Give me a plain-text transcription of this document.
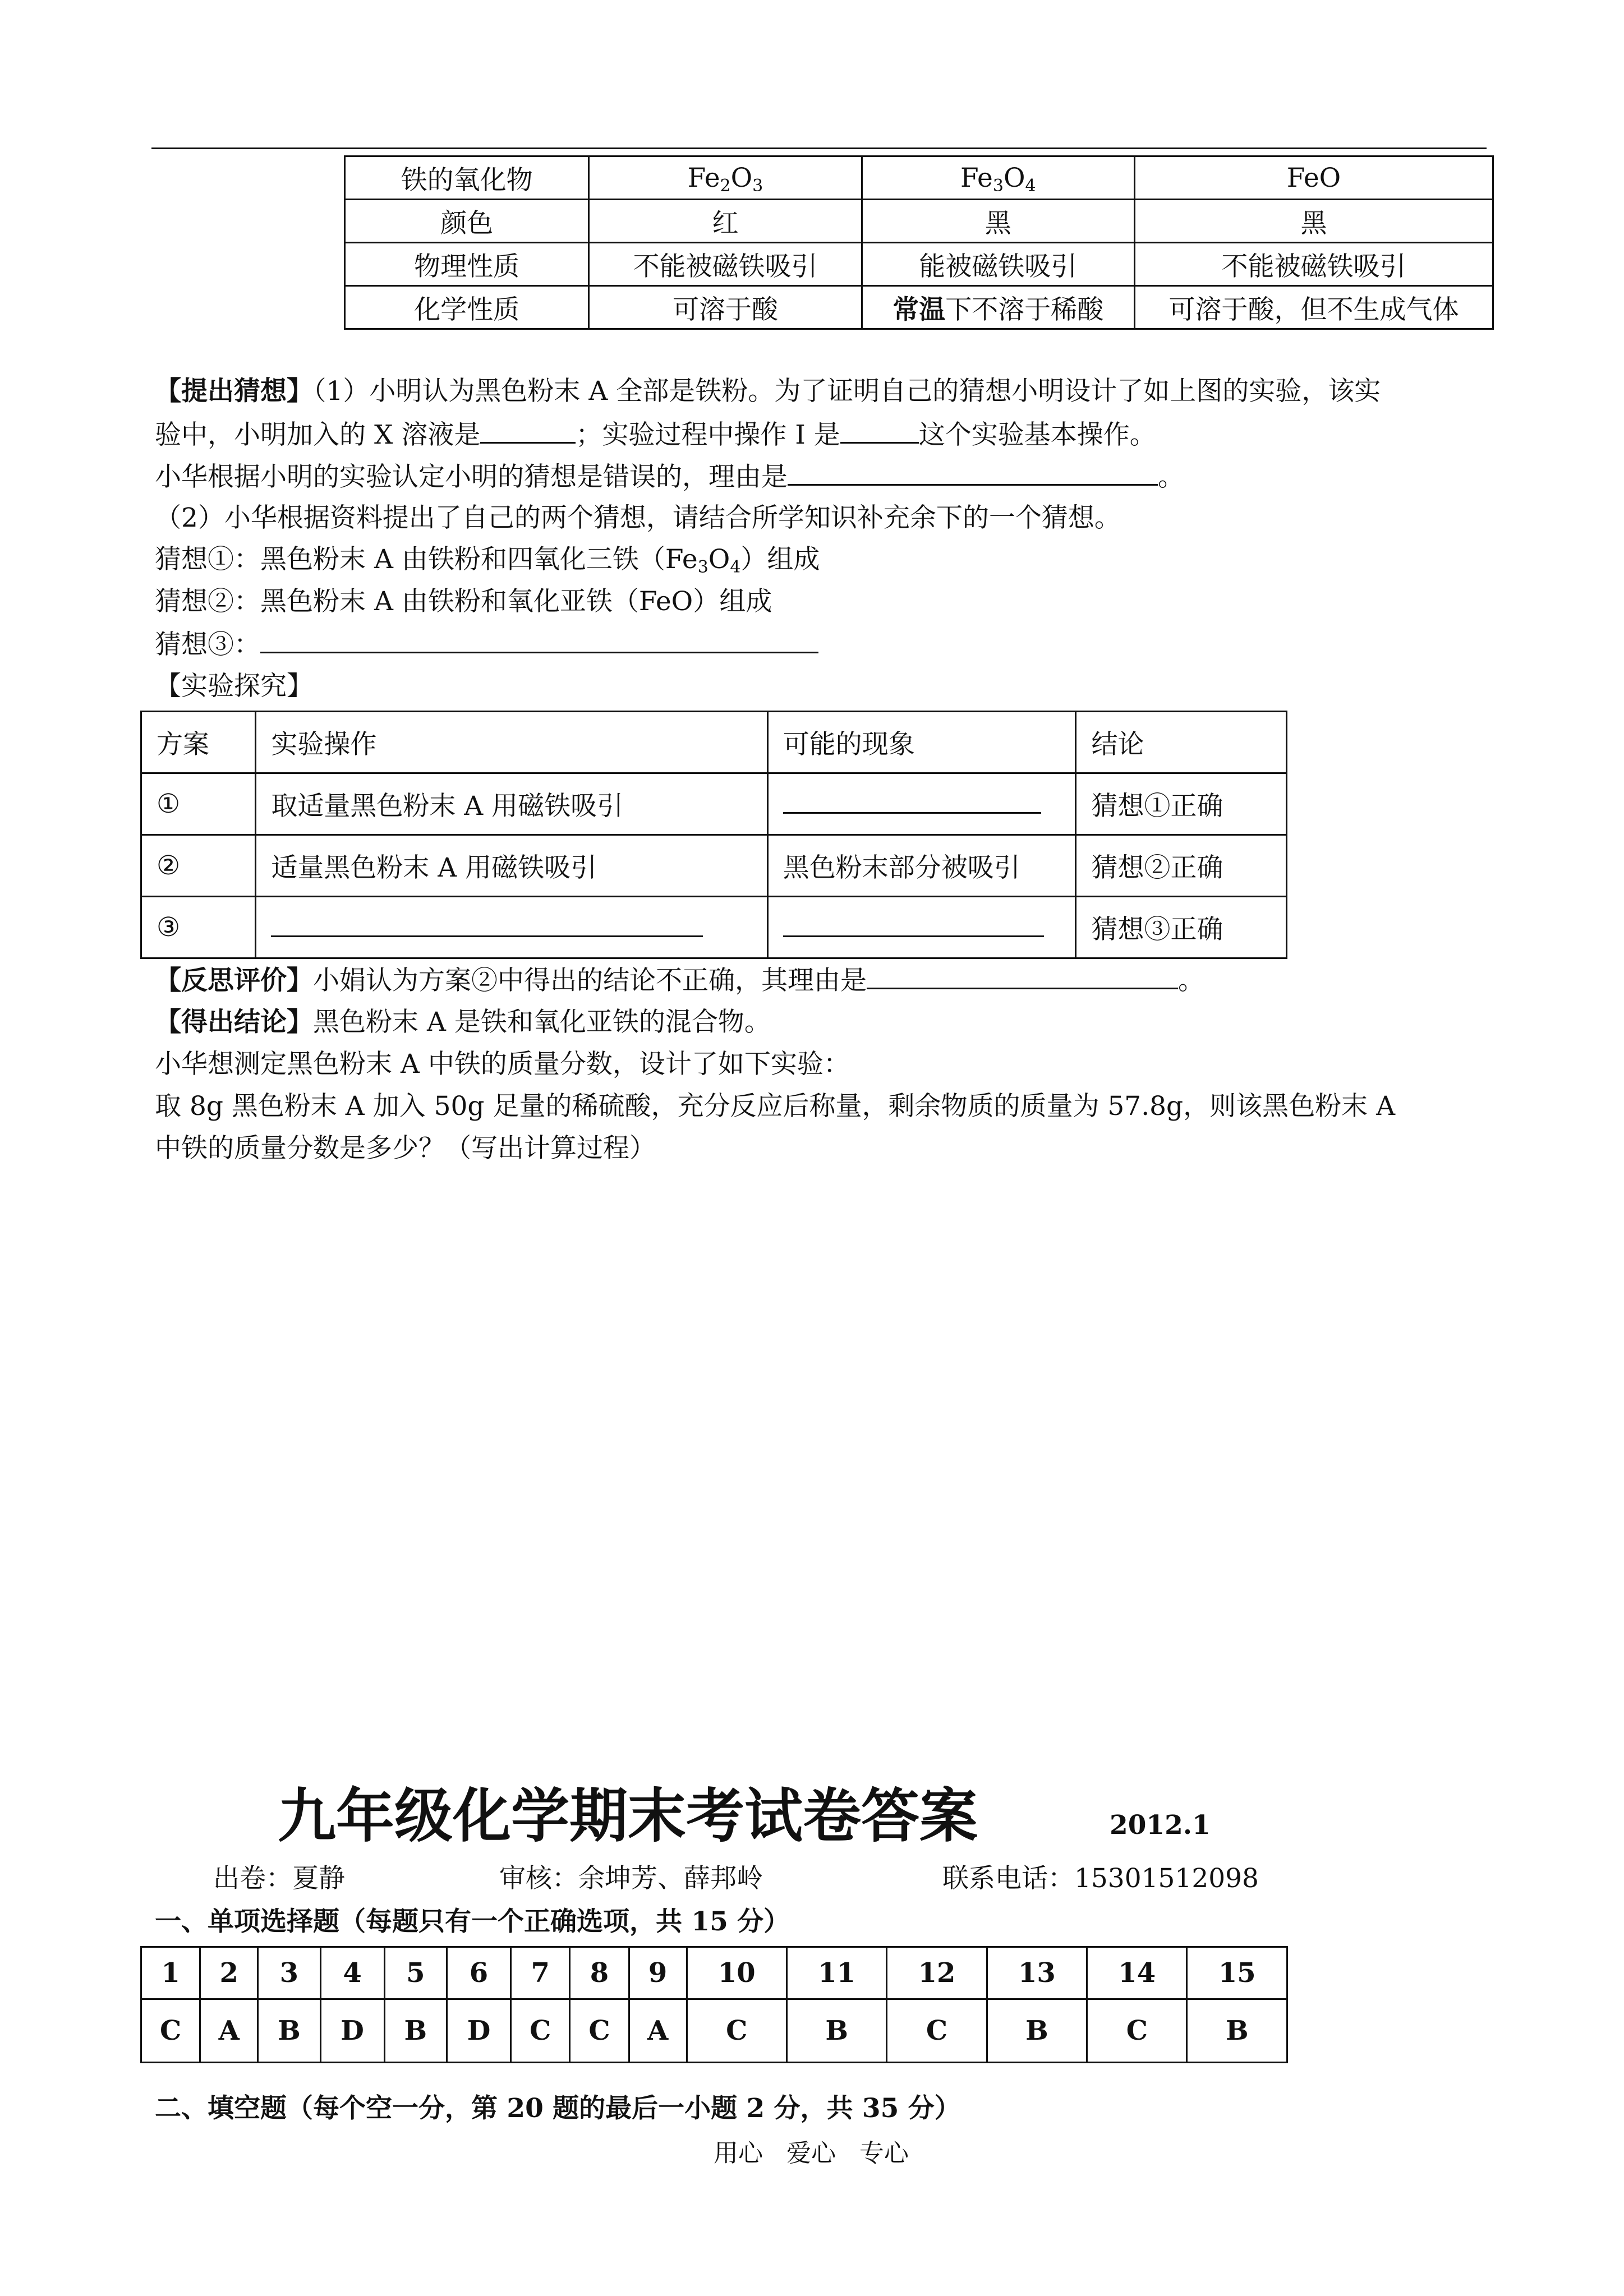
铁的氧化物	$Fe_2O_3$	$Fe_3O_4$	FeO
颜色	红	黑	黑
物理性质	不能被磁铁吸引	能被磁铁吸引	不能被磁铁吸引
化学性质	可溶于酸	常温下不溶于稀酸	可溶于酸，但不生成气体
【提出猜想】（1）小明认为黑色粉末 A 全部是铁粉。为了证明自己的猜想小明设计了如上图的实验，该实
验中，小明加入的 X 溶液是	；实验过程中操作 I 是	这个实验基本操作。
小华根据小明的实验认定小明的猜想是错误的，理由是	。
（2）小华根据资料提出了自己的两个猜想，请结合所学知识补充余下的一个猜想。
猜想①：黑色粉末 A 由铁粉和四氧化三铁$(Fe_3O_4)$组成
猜想②：黑色粉末 A 由铁粉和氧化亚铁（FeO）组成
猜想③：
【实验探究】
方案	实验操作	可能的现象	结论
①	取适量黑色粉末 A 用磁铁吸引		猜想①正确
②	适量黑色粉末 A 用磁铁吸引	黑色粉末部分被吸引	猜想②正确
③			猜想③正确
【反思评价】小娟认为方案②中得出的结论不正确，其理由是	。
【得出结论】黑色粉末 A 是铁和氧化亚铁的混合物。
小华想测定黑色粉末 A 中铁的质量分数，设计了如下实验：
取 8g 黑色粉末 A 加入 50g 足量的稀硫酸，充分反应后称量，剩余物质的质量为 57.8g，则该黑色粉末 A
中铁的质量分数是多少？（写出计算过程）
九年级化学期末考试卷答案	2012.1
出卷：夏静	审核：余坤芳、薛邦岭	联系电话：15301512098
一、单项选择题（每题只有一个正确选项，共 15 分）
1	2	3	4	5	6	7	8	9	10	11	12	13	14	15
C	A	B	D	B	D	C	C	A	C	B	C	B	C	B
二、填空题（每个空一分，第 20 题的最后一小题 2 分，共 35 分）
用心   爱心   专心
